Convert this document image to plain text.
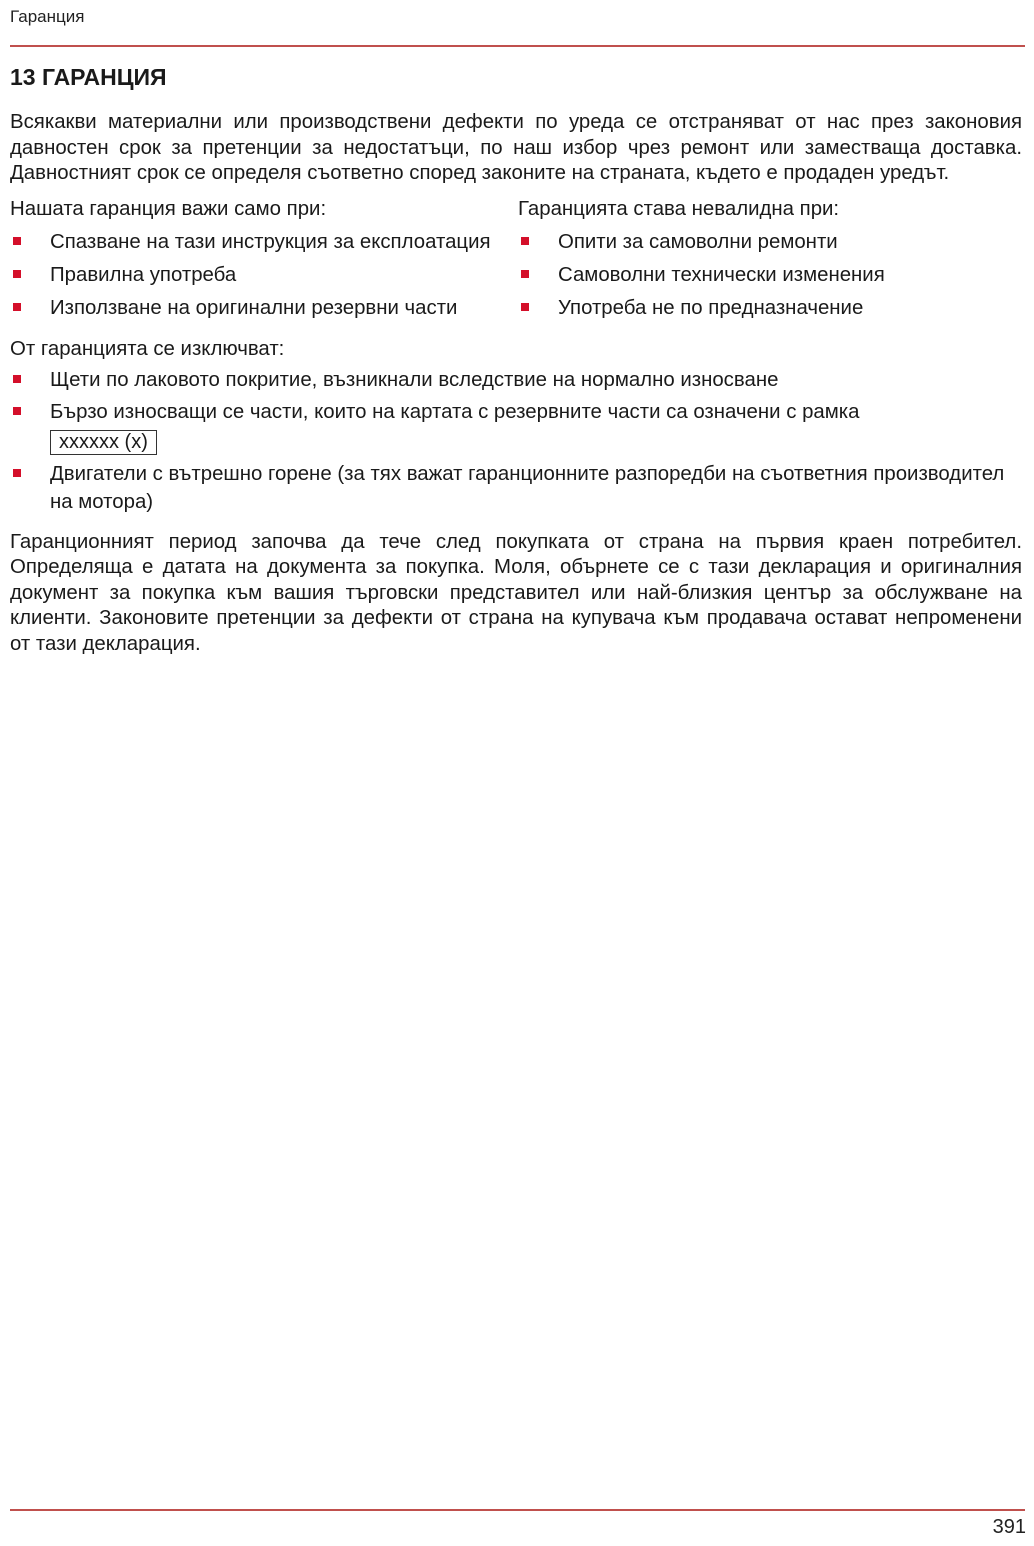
Гаранция
13 ГАРАНЦИЯ

Всякакви материални или производствени дефекти по уреда се отстраняват от нас през законовия давностен срок за претенции за недостатъци, по наш избор чрез ремонт или заместваща доставка. Давностният срок се определя съответно според законите на страната, където е продаден уредът.

Нашата гаранция важи само при:
Спазване на тази инструкция за експлоатация
Правилна употреба
Използване на оригинални резервни части
Гаранцията става невалидна при:
Опити за самоволни ремонти
Самоволни технически изменения
Употреба не по предназначение
От гаранцията се изключват:
Щети по лаковото покритие, възникнали вследствие на нормално износване
Бързо износващи се части, които на картата с резервните части са означени с рамка
xxxxxx (x)
Двигатели с вътрешно горене (за тях важат гаранционните разпоредби на съответния производител на мотора)

Гаранционният период започва да тече след покупката от страна на първия краен потребител. Определяща е датата на документа за покупка. Моля, обърнете се с тази декларация и оригиналния документ за покупка към вашия търговски представител или най-близкия център за обслужване на клиенти. Законовите претенции за дефекти от страна на купувача към продавача остават непроменени от тази декларация.

391
